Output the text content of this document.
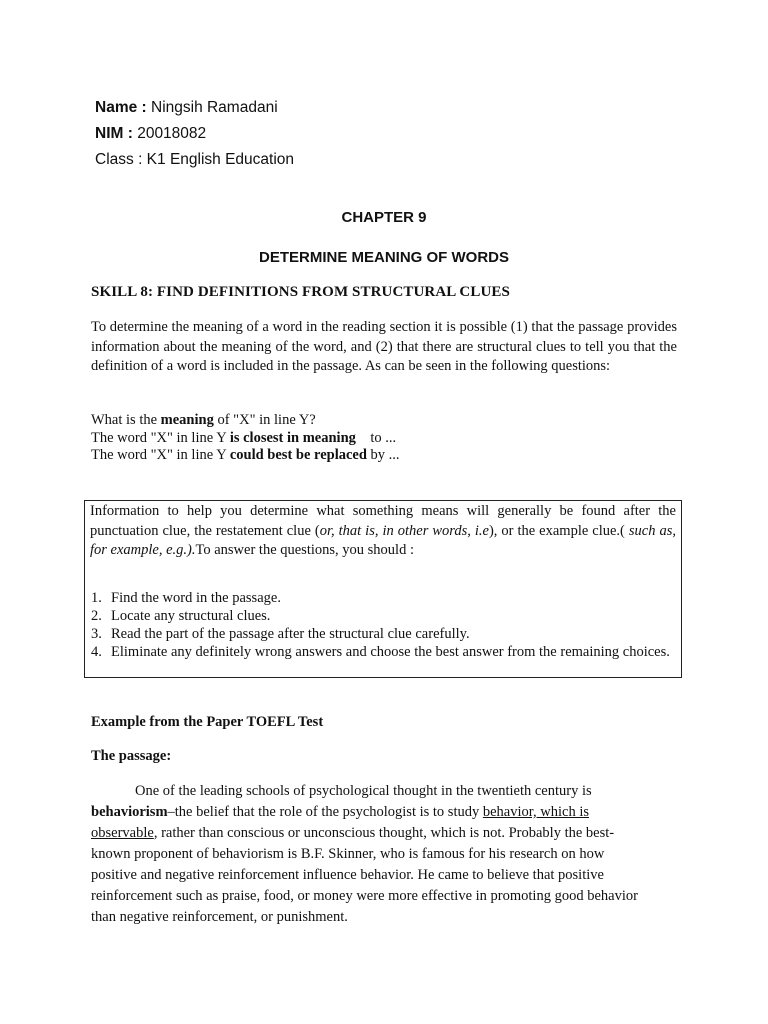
Name : Ningsih Ramadani
NIM : 20018082
Class : K1 English Education
CHAPTER 9
DETERMINE MEANING OF WORDS
SKILL 8: FIND DEFINITIONS FROM STRUCTURAL CLUES

To determine the meaning of a word in the reading section it is possible (1) that the passage provides information about the meaning of the word, and (2) that there are structural clues to tell you that the definition of a word is included in the passage. As can be seen in the following questions:

What is the meaning of "X" in line Y?
The word "X" in line Y is closest in meaning    to ...
The word "X" in line Y could best be replaced by ...

Information to help you determine what something means will generally be found after the punctuation clue, the restatement clue (or, that is, in other words, i.e), or the example clue.( such as, for example, e.g.).To answer the questions, you should :

1. Find the word in the passage.
2. Locate any structural clues.
3. Read the part of the passage after the structural clue carefully.
4. Eliminate any definitely wrong answers and choose the best answer from the remaining choices.
Example from the Paper TOEFL Test
The passage:

One of the leading schools of psychological thought in the twentieth century is behaviorism–the belief that the role of the psychologist is to study behavior, which is observable, rather than conscious or unconscious thought, which is not. Probably the best-known proponent of behaviorism is B.F. Skinner, who is famous for his research on how positive and negative reinforcement influence behavior. He came to believe that positive reinforcement such as praise, food, or money were more effective in promoting good behavior than negative reinforcement, or punishment.
